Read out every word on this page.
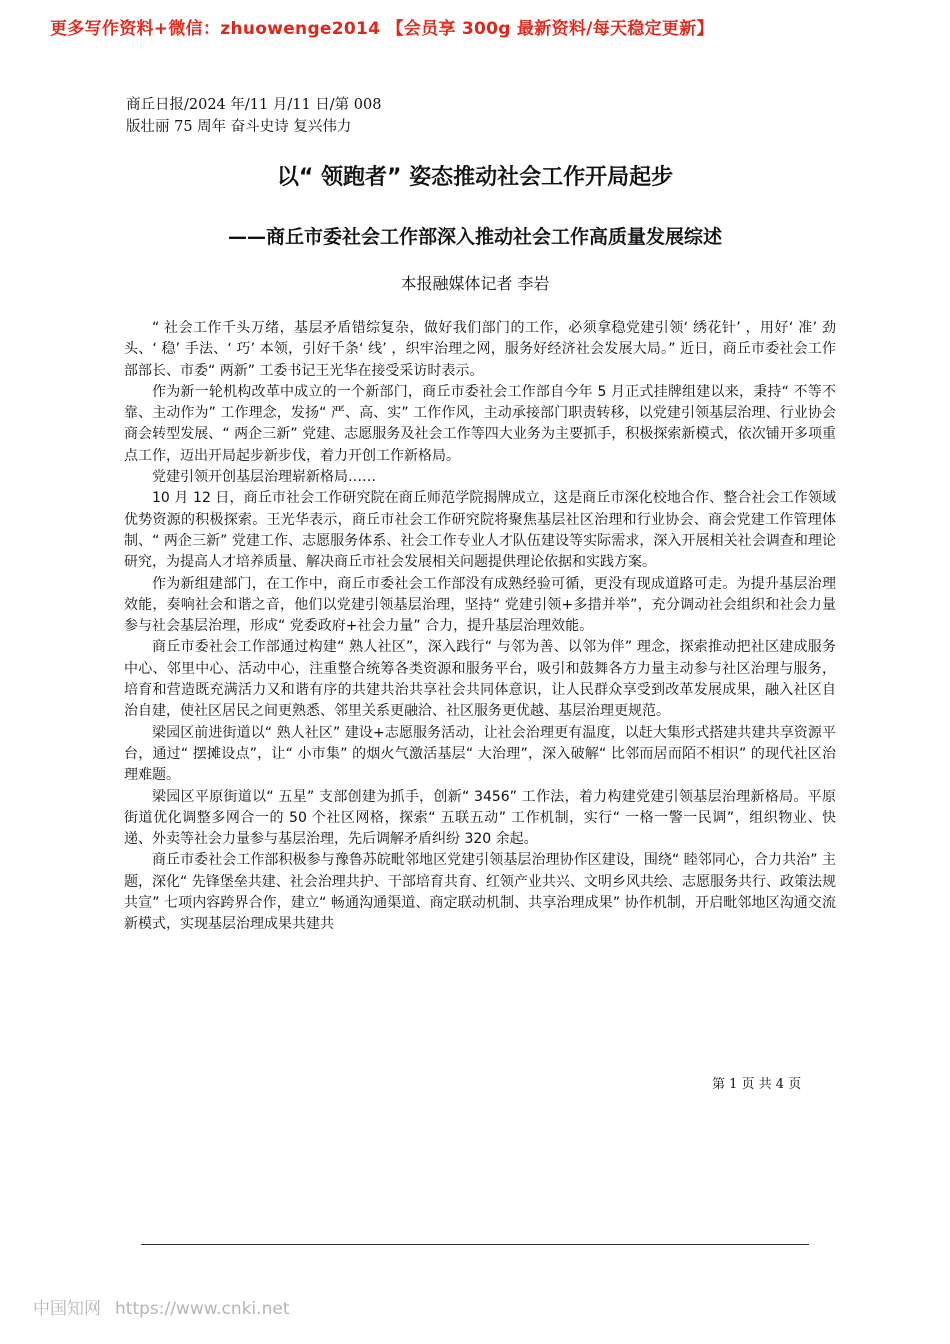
更多写作资料+微信：zhuowenge2014 【会员享 300g 最新资料/每天稳定更新】
商丘日报/2024 年/11 月/11 日/第 008
版壮丽 75 周年 奋斗史诗 复兴伟力
以“ 领跑者” 姿态推动社会工作开局起步
——商丘市委社会工作部深入推动社会工作高质量发展综述
本报融媒体记者 李岩

“ 社会工作千头万绪，基层矛盾错综复杂，做好我们部门的工作，必须拿稳党建引领‘ 绣花针’ ，用好‘ 准’ 劲头、‘ 稳’ 手法、‘ 巧’ 本领，引好千条‘ 线’ ，织牢治理之网，服务好经济社会发展大局。” 近日，商丘市委社会工作部部长、市委“ 两新” 工委书记王光华在接受采访时表示。

作为新一轮机构改革中成立的一个新部门，商丘市委社会工作部自今年 5 月正式挂牌组建以来，秉持“ 不等不靠、主动作为” 工作理念，发扬“ 严、高、实” 工作作风，主动承接部门职责转移，以党建引领基层治理、行业协会商会转型发展、“ 两企三新” 党建、志愿服务及社会工作等四大业务为主要抓手，积极探索新模式，依次铺开多项重点工作，迈出开局起步新步伐，着力开创工作新格局。

党建引领开创基层治理崭新格局……

10 月 12 日，商丘市社会工作研究院在商丘师范学院揭牌成立，这是商丘市深化校地合作、整合社会工作领域优势资源的积极探索。王光华表示，商丘市社会工作研究院将聚焦基层社区治理和行业协会、商会党建工作管理体制、“ 两企三新” 党建工作、志愿服务体系、社会工作专业人才队伍建设等实际需求，深入开展相关社会调查和理论研究，为提高人才培养质量、解决商丘市社会发展相关问题提供理论依据和实践方案。

作为新组建部门，在工作中，商丘市委社会工作部没有成熟经验可循，更没有现成道路可走。为提升基层治理效能，奏响社会和谐之音，他们以党建引领基层治理，坚持“ 党建引领+多措并举”，充分调动社会组织和社会力量参与社会基层治理，形成“ 党委政府+社会力量” 合力，提升基层治理效能。

商丘市委社会工作部通过构建“ 熟人社区”，深入践行“ 与邻为善、以邻为伴” 理念，探索推动把社区建成服务中心、邻里中心、活动中心，注重整合统筹各类资源和服务平台，吸引和鼓舞各方力量主动参与社区治理与服务，培育和营造既充满活力又和谐有序的共建共治共享社会共同体意识，让人民群众享受到改革发展成果，融入社区自治自建，使社区居民之间更熟悉、邻里关系更融洽、社区服务更优越、基层治理更规范。

梁园区前进街道以“ 熟人社区” 建设+志愿服务活动，让社会治理更有温度，以赶大集形式搭建共建共享资源平台，通过“ 摆摊设点”，让“ 小市集” 的烟火气激活基层“ 大治理”，深入破解“ 比邻而居而陌不相识” 的现代社区治理难题。

梁园区平原街道以“ 五星” 支部创建为抓手，创新“ 3456” 工作法，着力构建党建引领基层治理新格局。平原街道优化调整多网合一的 50 个社区网格，探索“ 五联五动” 工作机制，实行“ 一格一警一民调”，组织物业、快递、外卖等社会力量参与基层治理，先后调解矛盾纠纷 320 余起。

商丘市委社会工作部积极参与豫鲁苏皖毗邻地区党建引领基层治理协作区建设，围绕“ 睦邻同心，合力共治” 主题，深化“ 先锋堡垒共建、社会治理共护、干部培育共育、红领产业共兴、文明乡风共绘、志愿服务共行、政策法规共宣” 七项内容跨界合作，建立“ 畅通沟通渠道、商定联动机制、共享治理成果” 协作机制，开启毗邻地区沟通交流新模式，实现基层治理成果共建共

第 1 页 共 4 页
中国知网 https://www.cnki.net
